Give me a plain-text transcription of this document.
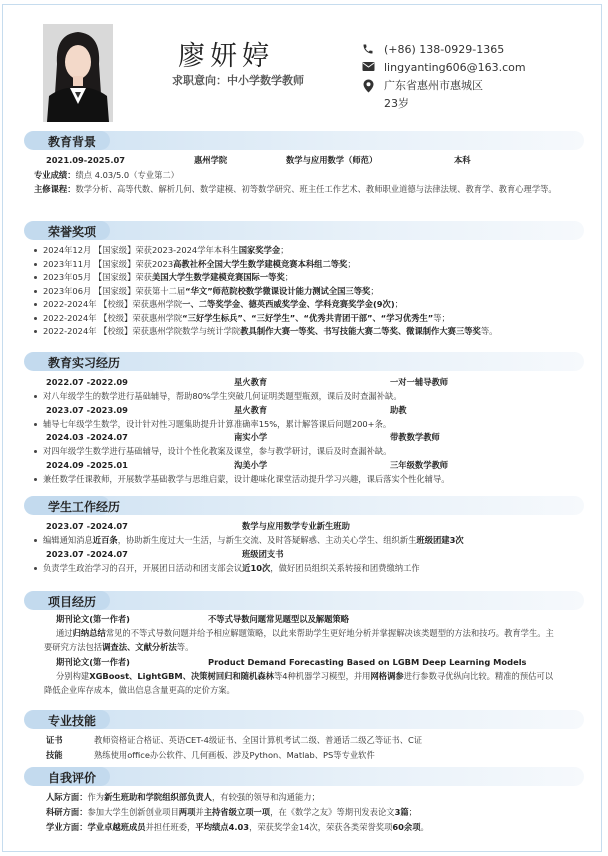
廖妍婷
求职意向：中小学数学教师
(+86) 138-0929-1365
lingyanting606@163.com
广东省惠州市惠城区
23岁
教育背景
2021.09-2025.07	惠州学院	数学与应用数学（师范）	本科
专业成绩：绩点 4.03/5.0（专业第二）
主修课程：数学分析、高等代数、解析几何、数学建模、初等数学研究、班主任工作艺术、教师职业道德与法律法规、教育学、教育心理学等。
荣誉奖项
2024年12月 【国家级】荣获2023-2024学年本科生国家奖学金；
2023年11月 【国家级】荣获2023高教社杯全国大学生数学建模竞赛本科组二等奖；
2023年05月 【国家级】荣获美国大学生数学建模竞赛国际一等奖；
2023年06月 【国家级】荣获第十二届“华文”师范院校数学微课设计能力测试全国三等奖；
2022-2024年 【校级】荣获惠州学院一、二等奖学金、德英西威奖学金、学科竞赛奖学金(9次)；
2022-2024年 【校级】荣获惠州学院“三好学生标兵”、“三好学生”、“优秀共青团干部”、“学习优秀生”等；
2022-2024年 【校级】荣获惠州学院数学与统计学院教具制作大赛一等奖、书写技能大赛二等奖、微课制作大赛三等奖等。
教育实习经历
2022.07 -2022.09	星火教育	一对一辅导教师
对八年级学生的数学进行基础辅导，帮助80%学生突破几何证明类题型瓶颈，课后及时查漏补缺。
2023.07 -2023.09	星火教育	助教
辅导七年级学生数学，设计针对性习题集助提升计算准确率15%，累计解答课后问题200+条。
2024.03 -2024.07	南实小学	带教数学教师
对四年级学生数学进行基础辅导，设计个性化教案及课堂，参与教学研讨，课后及时查漏补缺。
2024.09 -2025.01	沟美小学	三年级数学教师
兼任数学任课教师，开展数学基础教学与思维启蒙，设计趣味化课堂活动提升学习兴趣，课后落实个性化辅导。
学生工作经历
2023.07 -2024.07	数学与应用数学专业新生班助
编辑通知消息近百条，协助新生度过大一生活，与新生交流、及时答疑解惑、主动关心学生、组织新生班级团建3次
2023.07 -2024.07	班级团支书
负责学生政治学习的召开，开展团日活动和团支部会议近10次，做好团员组织关系转接和团费缴纳工作
项目经历
期刊论文(第一作者)	不等式导数问题常见题型以及解题策略
通过归纳总结常见的不等式导数问题并给予相应解题策略，以此来帮助学生更好地分析并掌握解决该类题型的方法和技巧。教育学生。主要研究方法包括调查法、文献分析法等。
期刊论文(第一作者)	Product Demand Forecasting Based on LGBM Deep Learning Models
分别构建XGBoost、LightGBM、决策树回归和随机森林等4种机器学习模型，并用网格调参进行参数寻优纵向比较。精准的预估可以降低企业库存成本，做出信息含量更高的定价方案。
专业技能
证书	教师资格证合格证、英语CET-4级证书、全国计算机考试二级、普通话二级乙等证书、C证
技能	熟练使用office办公软件、几何画板、涉及Python、Matlab、PS等专业软件
自我评价
人际方面：作为新生班助和学院组织部负责人，有较强的领导和沟通能力；
科研方面：参加大学生创新创业项目两项并主持省级立项一项，在《数学之友》等期刊发表论文3篇；
学业方面：学业卓越班成员并担任班委，平均绩点4.03，荣获奖学金14次，荣获各类荣誉奖项60余项。
